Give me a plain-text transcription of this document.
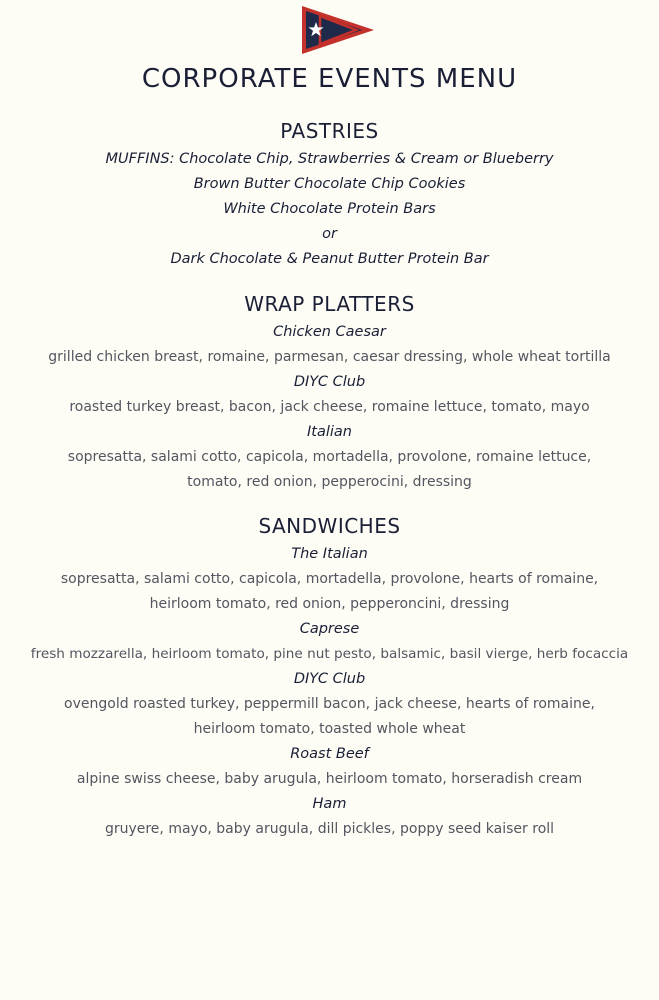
CORPORATE EVENTS MENU
PASTRIES
MUFFINS: Chocolate Chip, Strawberries & Cream or Blueberry
Brown Butter Chocolate Chip Cookies
White Chocolate Protein Bars
or
Dark Chocolate & Peanut Butter Protein Bar
WRAP PLATTERS
Chicken Caesar
grilled chicken breast, romaine, parmesan, caesar dressing, whole wheat tortilla
DIYC Club
roasted turkey breast, bacon, jack cheese, romaine lettuce, tomato, mayo
Italian
sopresatta, salami cotto, capicola, mortadella, provolone, romaine lettuce,
tomato, red onion, pepperocini, dressing
SANDWICHES
The Italian
sopresatta, salami cotto, capicola, mortadella, provolone, hearts of romaine,
heirloom tomato, red onion, pepperoncini, dressing
Caprese
fresh mozzarella, heirloom tomato, pine nut pesto, balsamic, basil vierge, herb focaccia
DIYC Club
ovengold roasted turkey, peppermill bacon, jack cheese, hearts of romaine,
heirloom tomato, toasted whole wheat
Roast Beef
alpine swiss cheese, baby arugula, heirloom tomato, horseradish cream
Ham
gruyere, mayo, baby arugula, dill pickles, poppy seed kaiser roll
